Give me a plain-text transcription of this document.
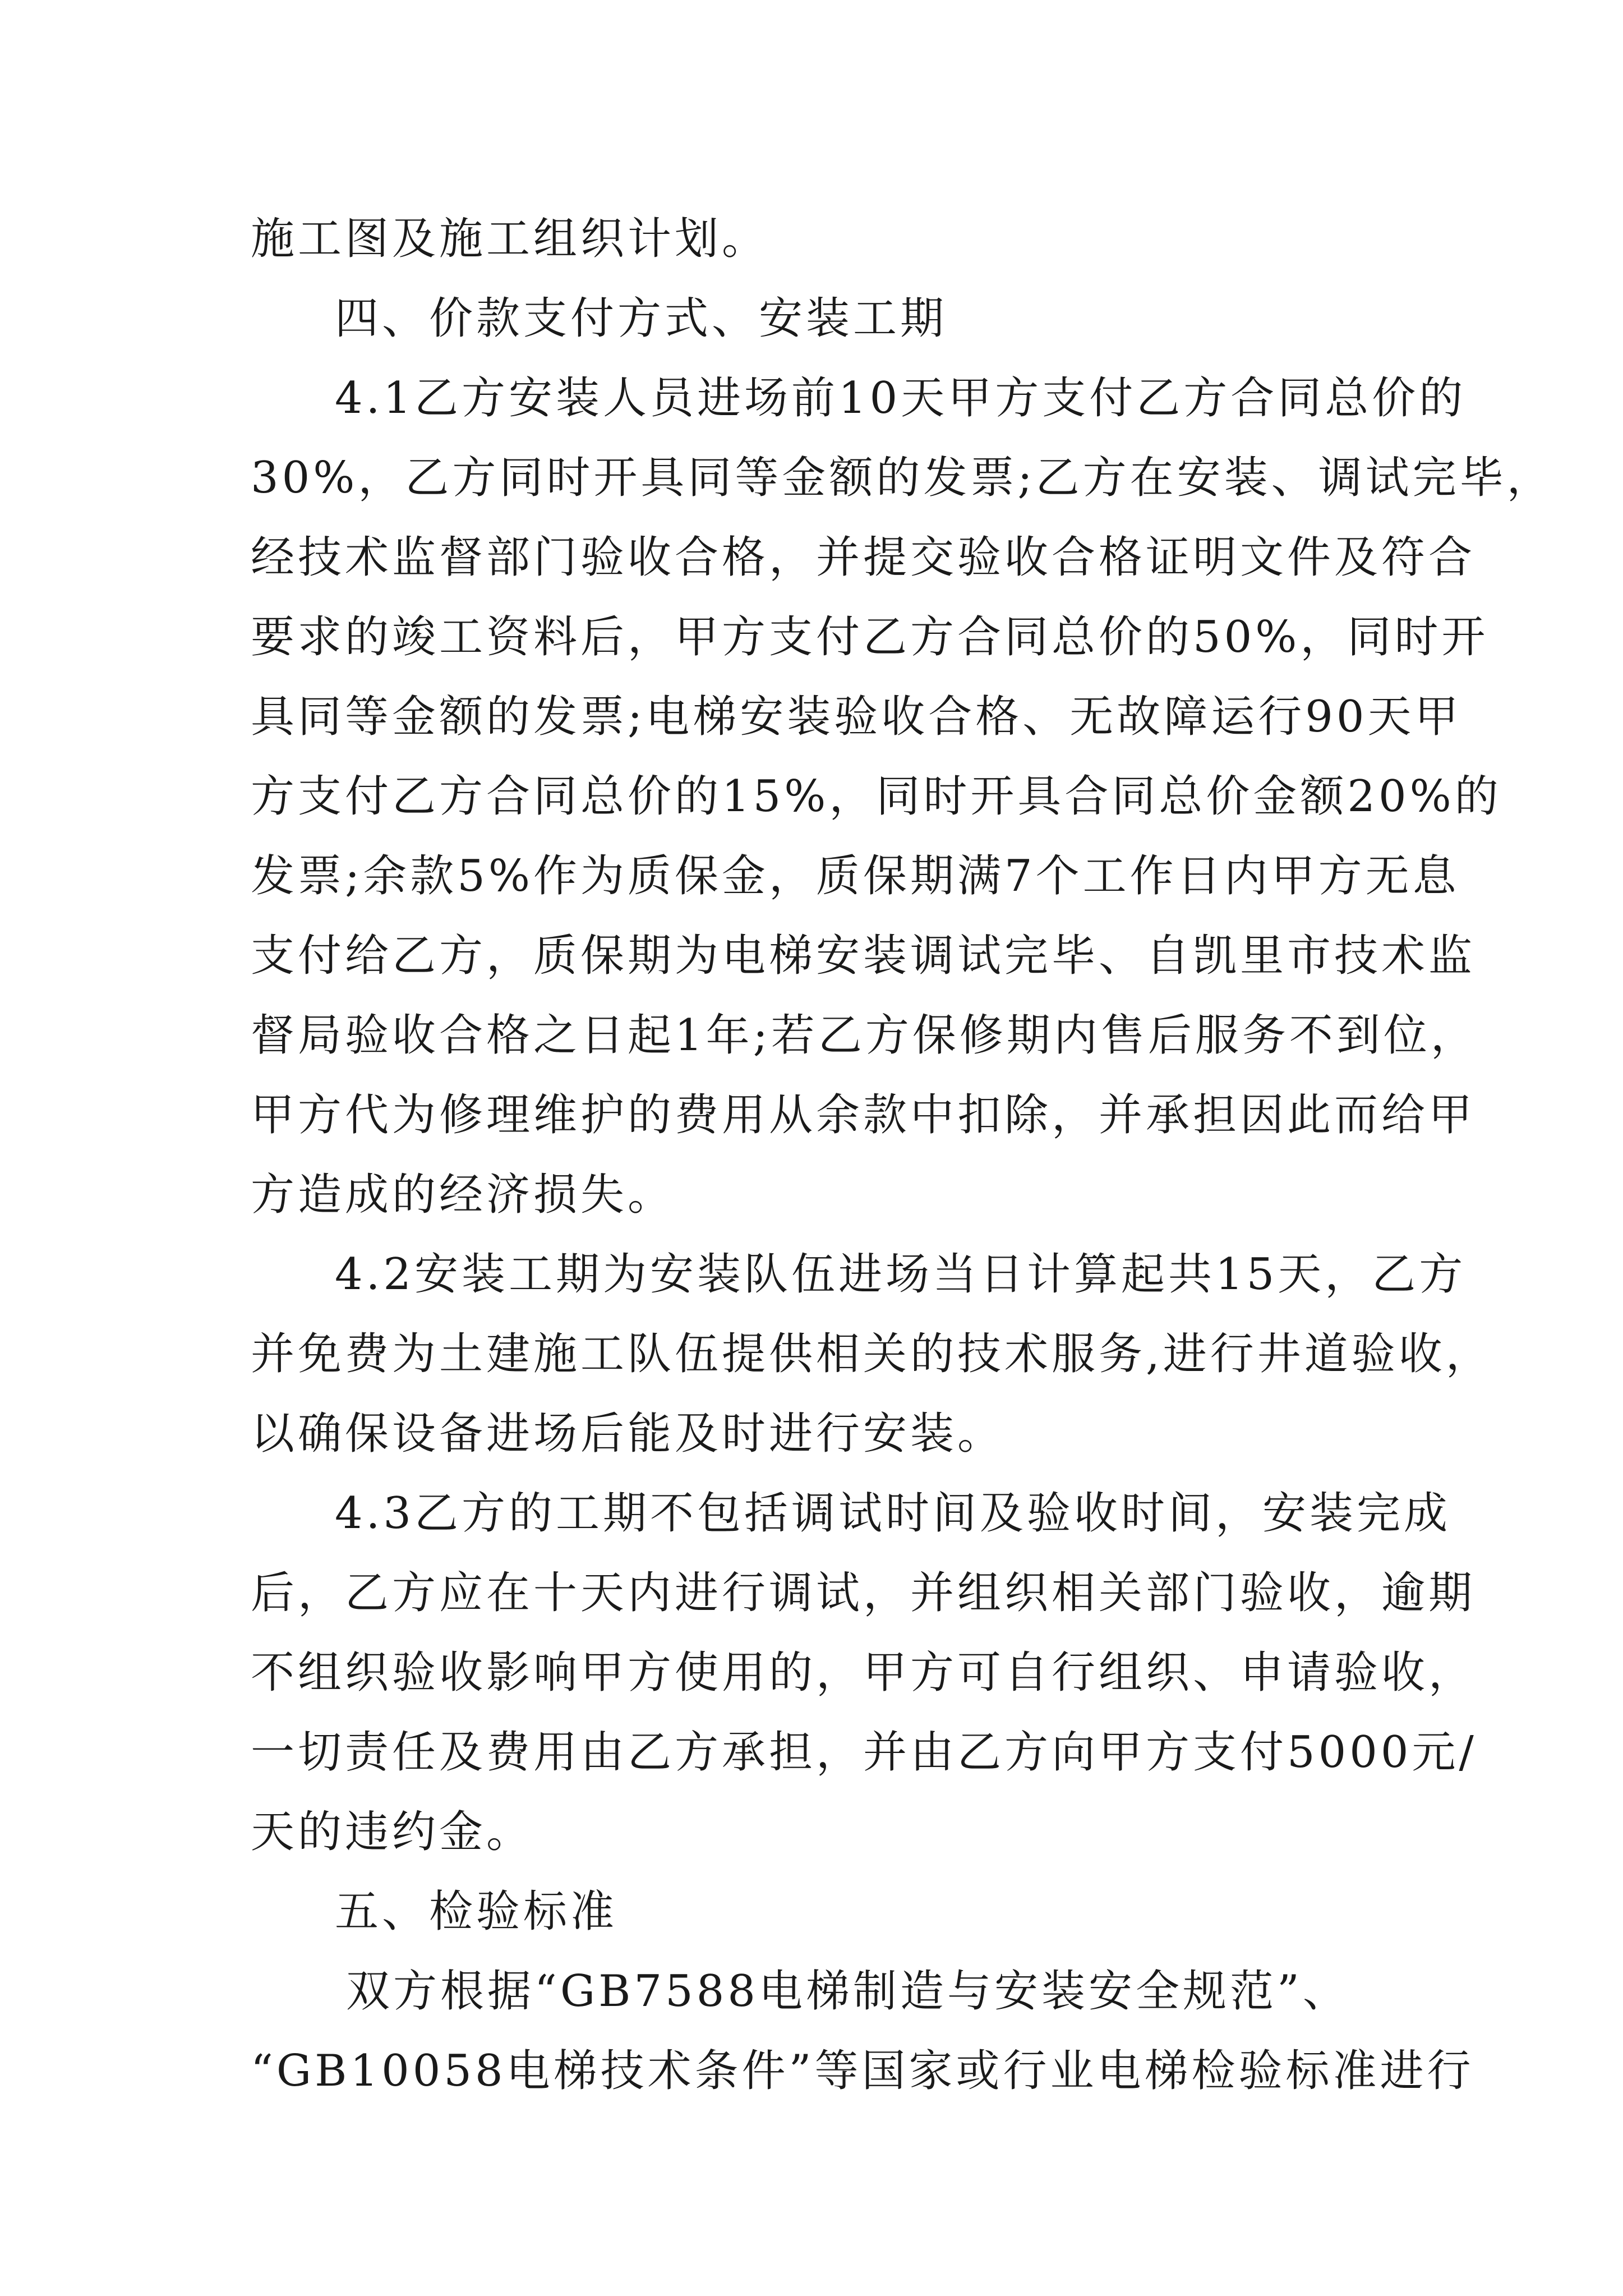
施工图及施工组织计划。
四、价款支付方式、安装工期
4.1乙方安装人员进场前10天甲方支付乙方合同总价的
30%，乙方同时开具同等金额的发票;乙方在安装、调试完毕，
经技术监督部门验收合格，并提交验收合格证明文件及符合
要求的竣工资料后，甲方支付乙方合同总价的50%，同时开
具同等金额的发票;电梯安装验收合格、无故障运行90天甲
方支付乙方合同总价的15%，同时开具合同总价金额20%的
发票;余款5%作为质保金，质保期满7个工作日内甲方无息
支付给乙方，质保期为电梯安装调试完毕、自凯里市技术监
督局验收合格之日起1年;若乙方保修期内售后服务不到位，
甲方代为修理维护的费用从余款中扣除，并承担因此而给甲
方造成的经济损失。
4.2安装工期为安装队伍进场当日计算起共15天，乙方
并免费为土建施工队伍提供相关的技术服务,进行井道验收，
以确保设备进场后能及时进行安装。
4.3乙方的工期不包括调试时间及验收时间，安装完成
后，乙方应在十天内进行调试，并组织相关部门验收，逾期
不组织验收影响甲方使用的，甲方可自行组织、申请验收，
一切责任及费用由乙方承担，并由乙方向甲方支付5000元/
天的违约金。
五、检验标准
双方根据“GB7588电梯制造与安装安全规范”、
“GB10058电梯技术条件”等国家或行业电梯检验标准进行
